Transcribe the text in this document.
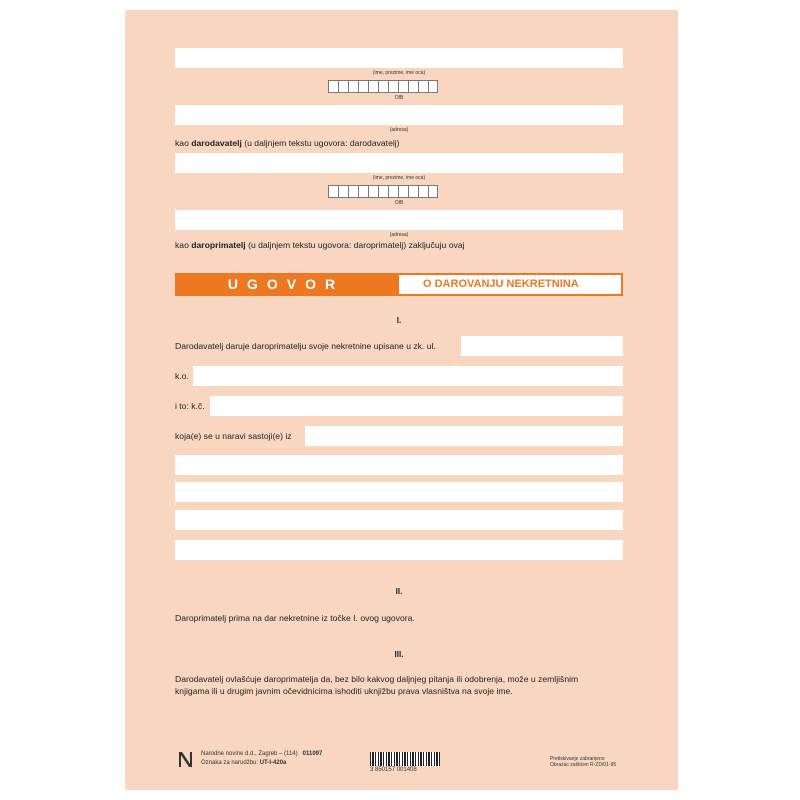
(ime, prezime, ime oca)
OIB
(adresa)
kao darodavatelj (u daljnjem tekstu ugovora: darodavatelj)
(ime, prezime, ime oca)
OIB
(adresa)
kao daroprimatelj (u daljnjem tekstu ugovora: daroprimatelj) zaključuju ovaj
UGOVOR	O DAROVANJU NEKRETNINA
I.
Darodavatelj daruje daroprimatelju svoje nekretnine upisane u zk. ul.
k.o.
i to: k.č.
koja(e) se u naravi sastoji(e) iz
II.
Daroprimatelj prima na dar nekretnine iz točke I. ovog ugovora.
III.
Darodavatelj ovlašćuje daroprimatelja da, bez bilo kakvog daljnjeg pitanja ili odobrenja, može u zemljišnim
knjigama ili u drugim javnim očevidnicima ishoditi uknjižbu prava vlasništva na svoje ime.
Narodne novine d.d., Zagreb – (114) 011097
Oznaka za narudžbu: UT-I-420a
3 850157 001408
Pretiskivanje zabranjeno
Obrazac zaštićen R-ZD/01-95
